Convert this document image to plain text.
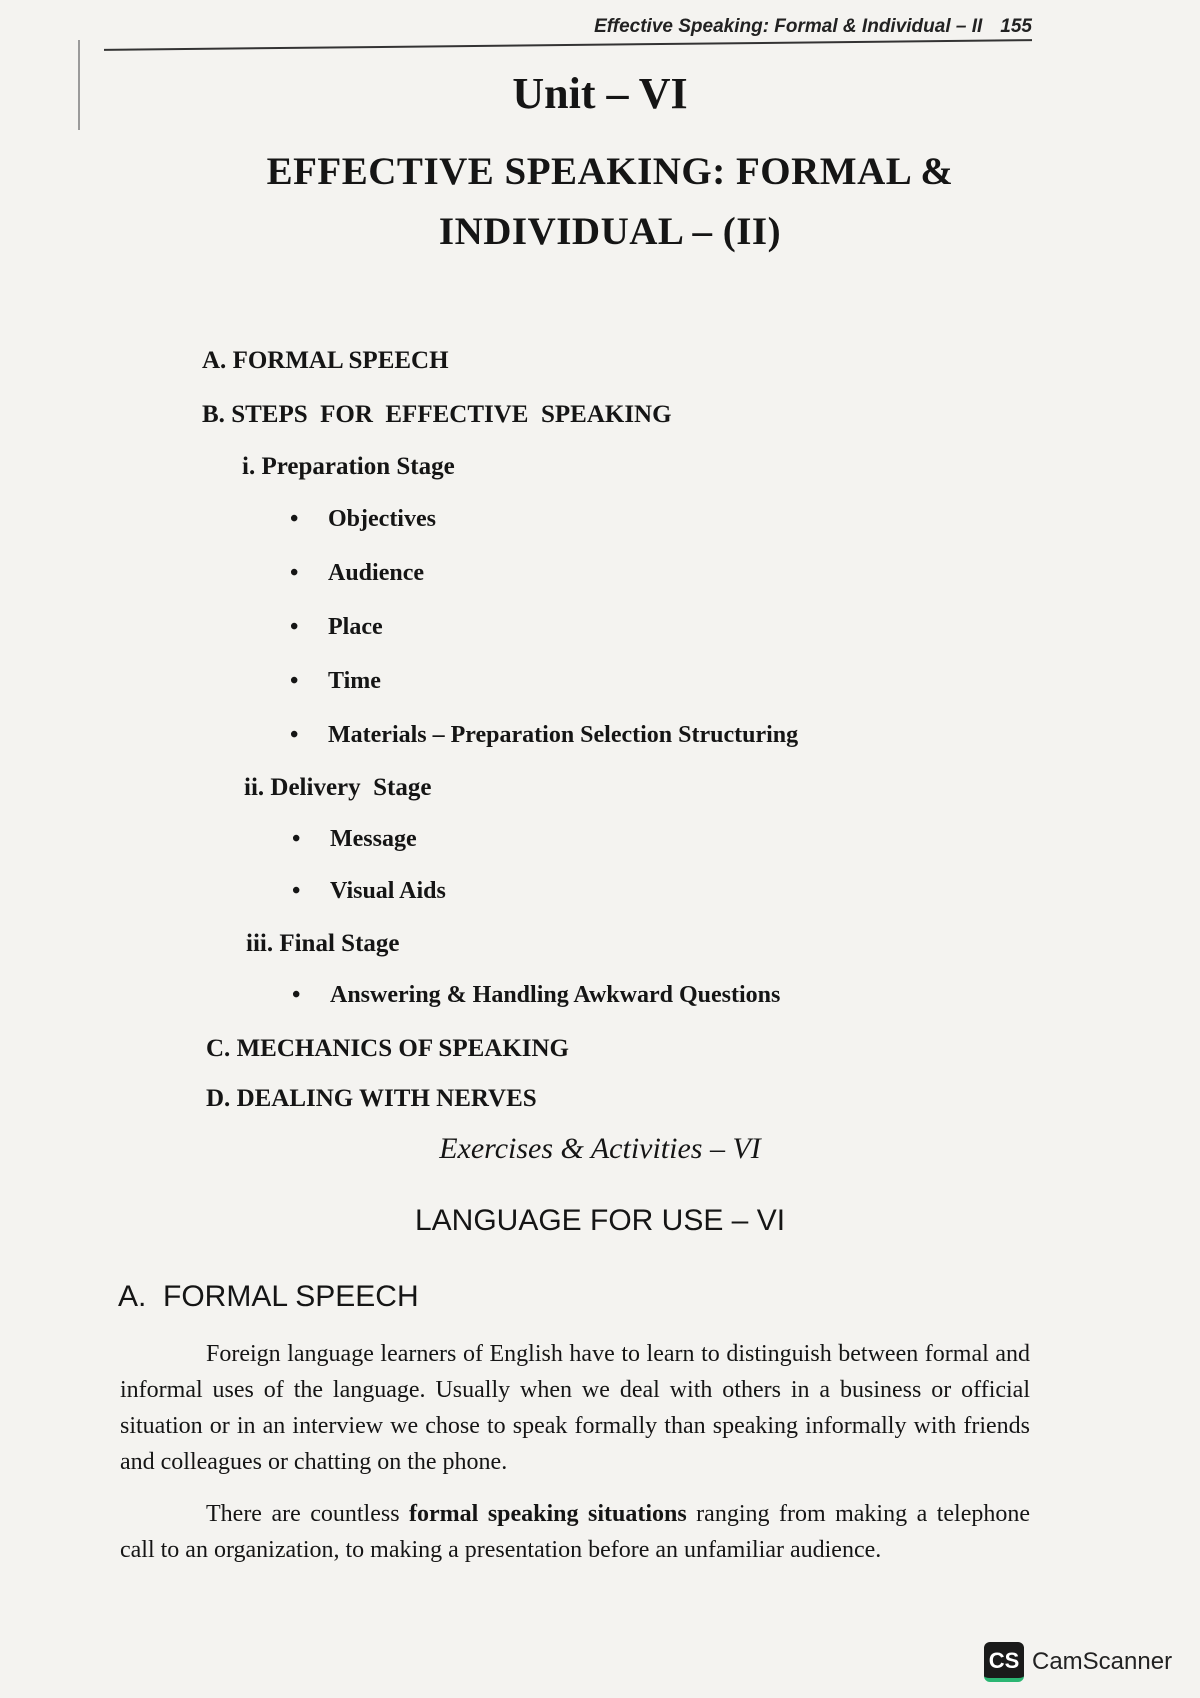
Effective Speaking: Formal & Individual – II 155
Unit – VI
EFFECTIVE SPEAKING: FORMAL & INDIVIDUAL – (II)
A. FORMAL SPEECH
B. STEPS  FOR  EFFECTIVE  SPEAKING
i. Preparation Stage
• Objectives
• Audience
• Place
• Time
• Materials – Preparation Selection Structuring
ii. Delivery  Stage
• Message
• Visual Aids
iii. Final Stage
• Answering & Handling Awkward Questions
C. MECHANICS OF SPEAKING
D. DEALING WITH NERVES
Exercises & Activities – VI
LANGUAGE FOR USE – VI
A.  FORMAL SPEECH
Foreign language learners of English have to learn to distinguish between formal and informal uses of the language. Usually when we deal with others in a business or official situation or in an interview we chose to speak formally than speaking informally with friends and colleagues or chatting on the phone.
There are countless formal speaking situations ranging from making a telephone call to an organization, to making a presentation before an unfamiliar audience.
CS CamScanner
